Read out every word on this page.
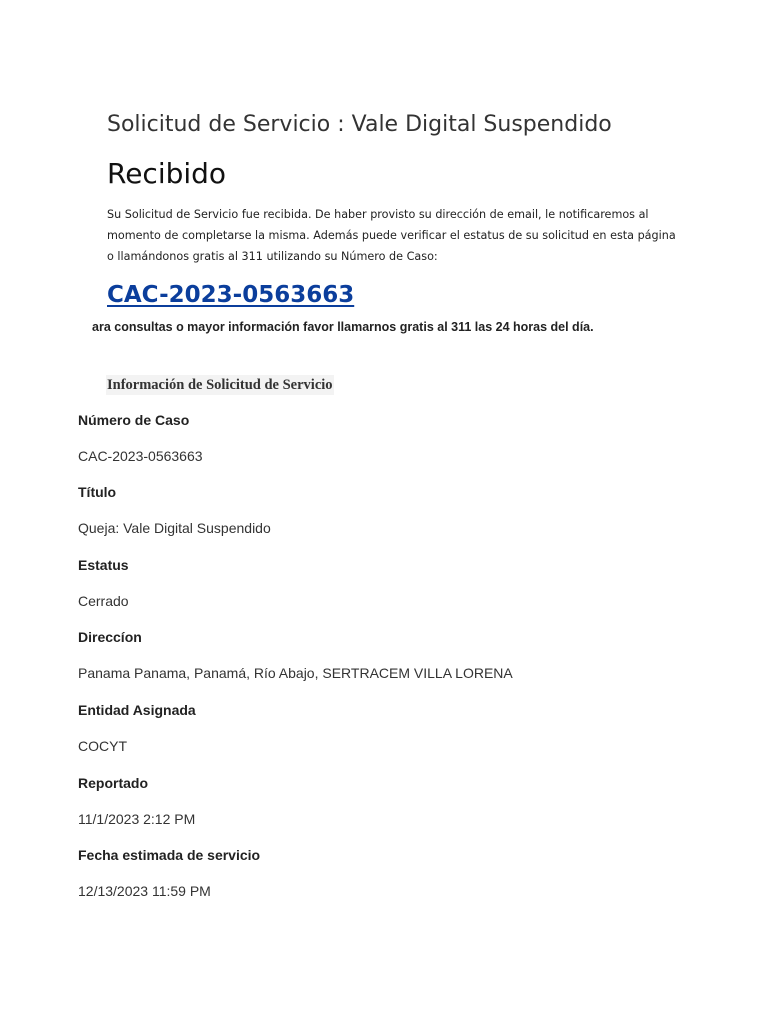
Solicitud de Servicio : Vale Digital Suspendido
Recibido

Su Solicitud de Servicio fue recibida. De haber provisto su dirección de email, le notificaremos al momento de completarse la misma. Además puede verificar el estatus de su solicitud en esta página o llamándonos gratis al 311 utilizando su Número de Caso:

CAC-2023-0563663

ara consultas o mayor información favor llamarnos gratis al 311 las 24 horas del día.

Información de Solicitud de Servicio

Número de Caso

CAC-2023-0563663

Título

Queja: Vale Digital Suspendido

Estatus

Cerrado

Direccíon

Panama Panama, Panamá, Río Abajo, SERTRACEM VILLA LORENA

Entidad Asignada

COCYT

Reportado

11/1/2023 2:12 PM

Fecha estimada de servicio

12/13/2023 11:59 PM
